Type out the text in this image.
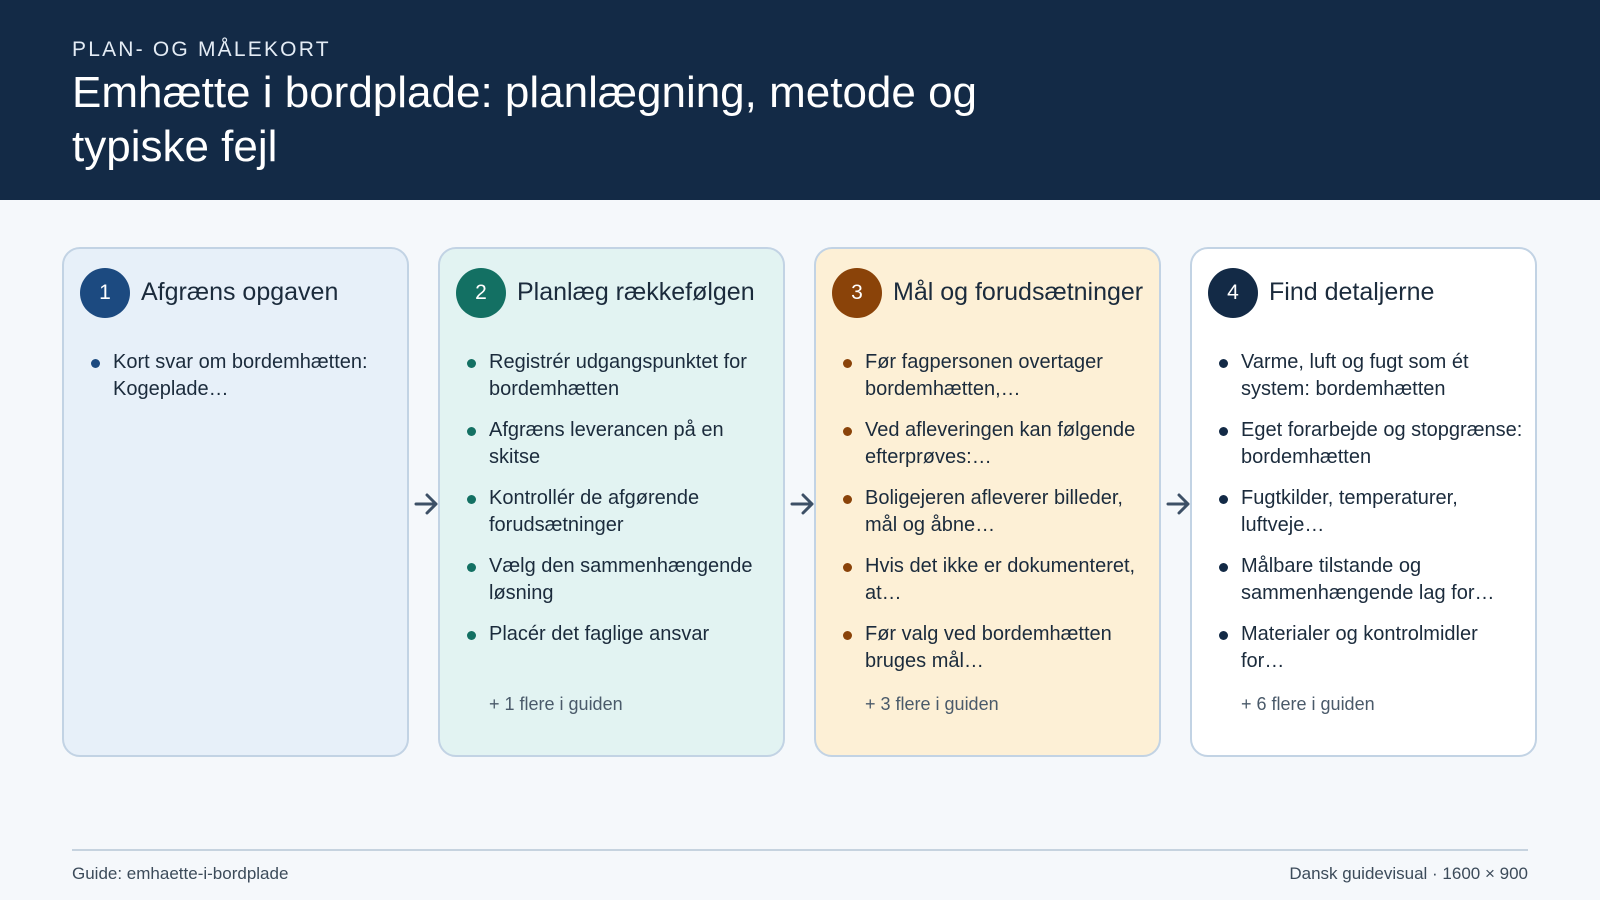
PLAN- OG MÅLEKORT
Emhætte i bordplade: planlægning, metode og typiske fejl
1	Afgræns opgaven
Kort svar om bordemhætten: Kogeplade…
2	Planlæg rækkefølgen
Registrér udgangspunktet for bordemhætten
Afgræns leverancen på en skitse
Kontrollér de afgørende forudsætninger
Vælg den sammenhængende løsning
Placér det faglige ansvar
+ 1 flere i guiden
3	Mål og forudsætninger
Før fagpersonen overtager bordemhætten,…
Ved afleveringen kan følgende efterprøves:…
Boligejeren afleverer billeder, mål og åbne…
Hvis det ikke er dokumenteret, at…
Før valg ved bordemhætten bruges mål…
+ 3 flere i guiden
4	Find detaljerne
Varme, luft og fugt som ét system: bordemhætten
Eget forarbejde og stopgrænse: bordemhætten
Fugtkilder, temperaturer, luftveje…
Målbare tilstande og sammenhængende lag for…
Materialer og kontrolmidler for…
+ 6 flere i guiden
Guide: emhaette-i-bordplade	Dansk guidevisual · 1600 × 900
